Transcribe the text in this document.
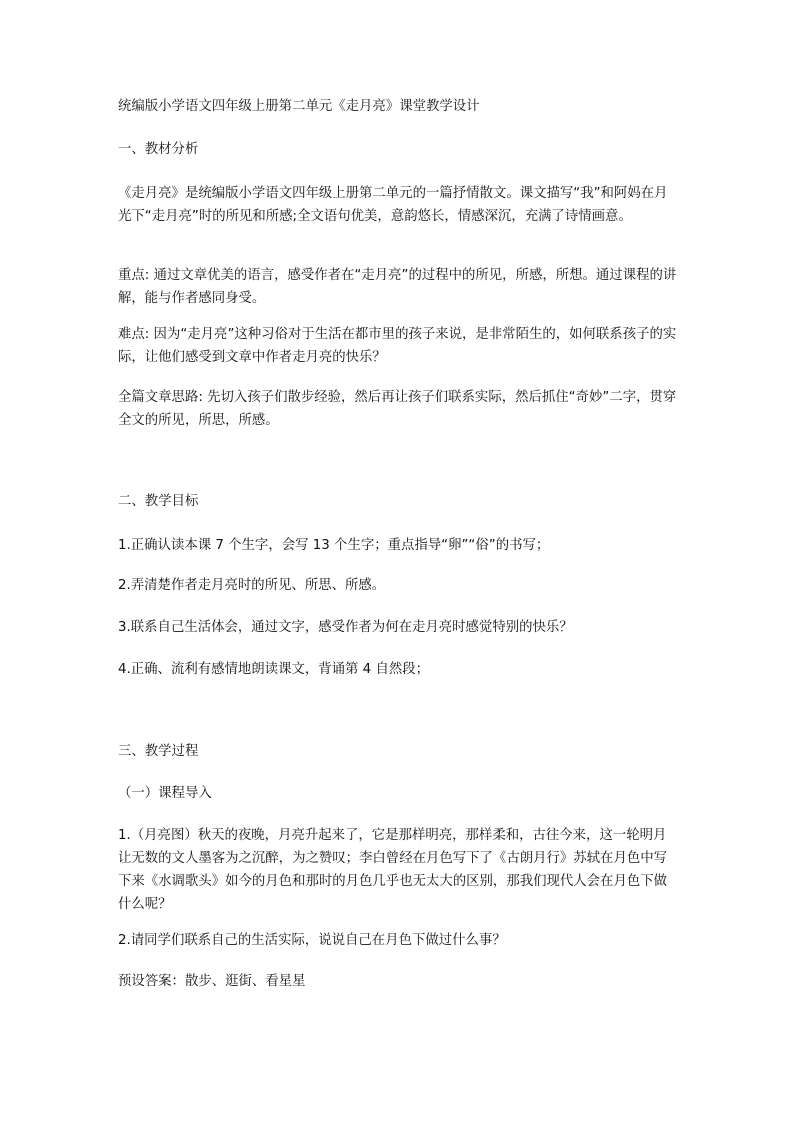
统编版小学语文四年级上册第二单元《走月亮》课堂教学设计

一、教材分析

《走月亮》是统编版小学语文四年级上册第二单元的一篇抒情散文。课文描写“我”和阿妈在月光下“走月亮”时的所见和所感;全文语句优美，意韵悠长，情感深沉，充满了诗情画意。

重点: 通过文章优美的语言，感受作者在“走月亮”的过程中的所见，所感，所想。通过课程的讲解，能与作者感同身受。

难点: 因为“走月亮”这种习俗对于生活在都市里的孩子来说，是非常陌生的，如何联系孩子的实际，让他们感受到文章中作者走月亮的快乐？

全篇文章思路: 先切入孩子们散步经验，然后再让孩子们联系实际，然后抓住“奇妙”二字，贯穿全文的所见，所思，所感。

二、教学目标

1.正确认读本课 7 个生字，会写 13 个生字；重点指导“卵”“俗”的书写；

2.弄清楚作者走月亮时的所见、所思、所感。

3.联系自己生活体会，通过文字，感受作者为何在走月亮时感觉特别的快乐？

4.正确、流利有感情地朗读课文，背诵第 4 自然段；

三、教学过程

（一）课程导入

1.（月亮图）秋天的夜晚，月亮升起来了，它是那样明亮，那样柔和，古往今来，这一轮明月让无数的文人墨客为之沉醉，为之赞叹；李白曾经在月色写下了《古朗月行》苏轼在月色中写下来《水调歌头》如今的月色和那时的月色几乎也无太大的区别，那我们现代人会在月色下做什么呢？

2.请同学们联系自己的生活实际，说说自己在月色下做过什么事？

预设答案：散步、逛街、看星星
